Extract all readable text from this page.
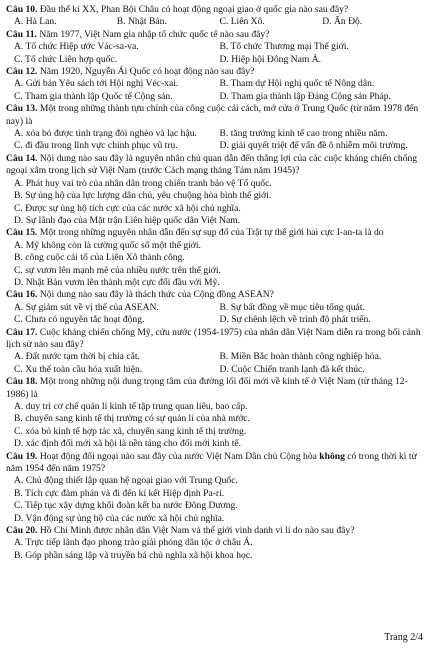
Câu 10. Đầu thế kỉ XX, Phan Bội Châu có hoạt động ngoại giao ở quốc gia nào sau đây?

A. Hà Lan.	B. Nhật Bản.	C. Liên Xô.	D. Ấn Độ.

Câu 11. Năm 1977, Việt Nam gia nhập tổ chức quốc tế nào sau đây?

A. Tổ chức Hiệp ước Vác-sa-va.	B. Tổ chức Thương mại Thế giới.
C. Tổ chức Liên hợp quốc.	D. Hiệp hội Đông Nam Á.

Câu 12. Năm 1920, Nguyễn Ái Quốc có hoạt động nào sau đây?

A. Gửi bản Yêu sách tới Hội nghị Véc-xai.	B. Tham dự Hội nghị quốc tế Nông dân.
C. Tham gia thành lập Quốc tế Cộng sản.	D. Tham gia thành lập Đảng Cộng sản Pháp.

Câu 13. Một trong những thành tựu chính của công cuộc cải cách, mở cửa ở Trung Quốc (từ năm 1978 đến nay) là

A. xóa bỏ được tình trạng đói nghèo và lạc hậu.	B. tăng trưởng kinh tế cao trong nhiều năm.
C. đi đầu trong lĩnh vực chinh phục vũ trụ.	D. giải quyết triệt để vấn đề ô nhiễm môi trường.

Câu 14. Nội dung nào sau đây là nguyên nhân chủ quan dẫn đến thắng lợi của các cuộc kháng chiến chống ngoại xâm trong lịch sử Việt Nam (trước Cách mạng tháng Tám năm 1945)?

A. Phát huy vai trò của nhân dân trong chiến tranh bảo vệ Tổ quốc.

B. Sự ủng hộ của lực lượng dân chủ, yêu chuộng hòa bình thế giới.

C. Được sự ủng hộ tích cực của các nước xã hội chủ nghĩa.

D. Sự lãnh đạo của Mặt trận Liên hiệp quốc dân Việt Nam.

Câu 15. Một trong những nguyên nhân dẫn đến sự sụp đổ của Trật tự thế giới hai cực I-an-ta là do

A. Mỹ không còn là cường quốc số một thế giới.

B. công cuộc cải tổ của Liên Xô thành công.

C. sự vươn lên mạnh mẽ của nhiều nước trên thế giới.

D. Nhật Bản vươn lên thành một cực đối đầu với Mỹ.

Câu 16. Nội dung nào sau đây là thách thức của Cộng đồng ASEAN?

A. Sự giảm sút về vị thế của ASEAN.	B. Sự bất đồng về mục tiêu tổng quát.
C. Chưa có nguyên tắc hoạt động.	D. Sự chênh lệch về trình độ phát triển.

Câu 17. Cuộc kháng chiến chống Mỹ, cứu nước (1954-1975) của nhân dân Việt Nam diễn ra trong bối cảnh lịch sử nào sau đây?

A. Đất nước tạm thời bị chia cắt.	B. Miền Bắc hoàn thành công nghiệp hóa.
C. Xu thế toàn cầu hóa xuất hiện.	D. Cuộc Chiến tranh lạnh đã kết thúc.

Câu 18. Một trong những nội dung trọng tâm của đường lối đổi mới về kinh tế ở Việt Nam (từ tháng 12-1986) là

A. duy trì cơ chế quản lí kinh tế tập trung quan liêu, bao cấp.

B. chuyển sang kinh tế thị trường có sự quản lí của nhà nước.

C. xóa bỏ kinh tế hợp tác xã, chuyển sang kinh tế thị trường.

D. xác định đổi mới xã hội là nền tảng cho đổi mới kinh tế.

Câu 19. Hoạt động đối ngoại nào sau đây của nước Việt Nam Dân chủ Cộng hòa không có trong thời kì từ năm 1954 đến năm 1975?

A. Chủ động thiết lập quan hệ ngoại giao với Trung Quốc.

B. Tích cực đàm phán và đi đến kí kết Hiệp định Pa-ri.

C. Tiếp tục xây dựng khối đoàn kết ba nước Đông Dương.

D. Vận động sự ủng hộ của các nước xã hội chủ nghĩa.

Câu 20. Hồ Chí Minh được nhân dân Việt Nam và thế giới vinh danh vì lí do nào sau đây?

A. Trực tiếp lãnh đạo phong trào giải phóng dân tộc ở châu Á.

B. Góp phần sáng lập và truyền bá chủ nghĩa xã hội khoa học.

Trang 2/4
